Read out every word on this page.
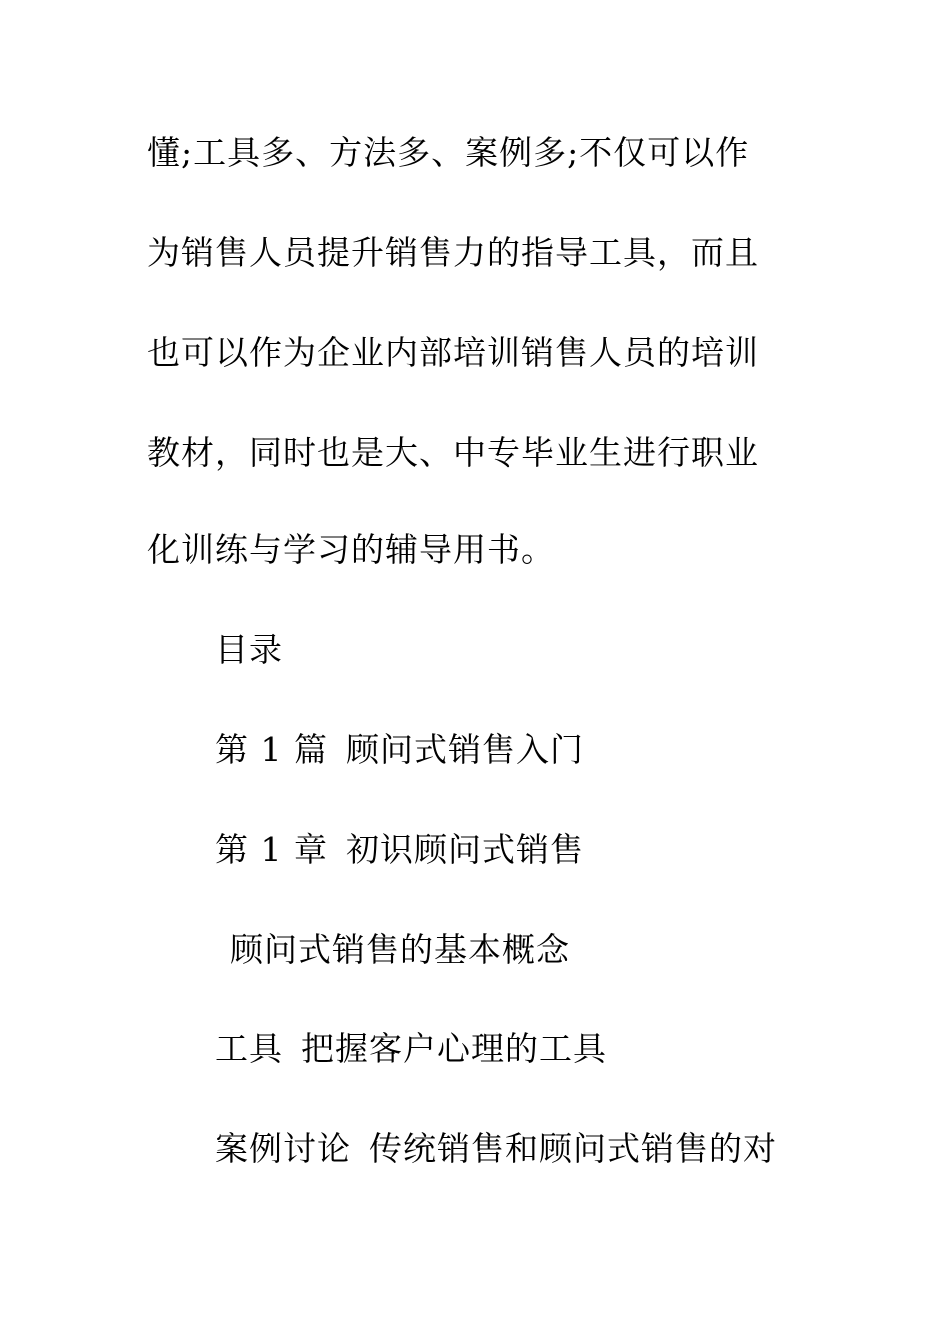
懂;工具多、方法多、案例多;不仅可以作
为销售人员提升销售力的指导工具，而且
也可以作为企业内部培训销售人员的培训
教材，同时也是大、中专毕业生进行职业
化训练与学习的辅导用书。
目录
第 1 篇 顾问式销售入门
第 1 章 初识顾问式销售
顾问式销售的基本概念
工具 把握客户心理的工具
案例讨论 传统销售和顾问式销售的对
